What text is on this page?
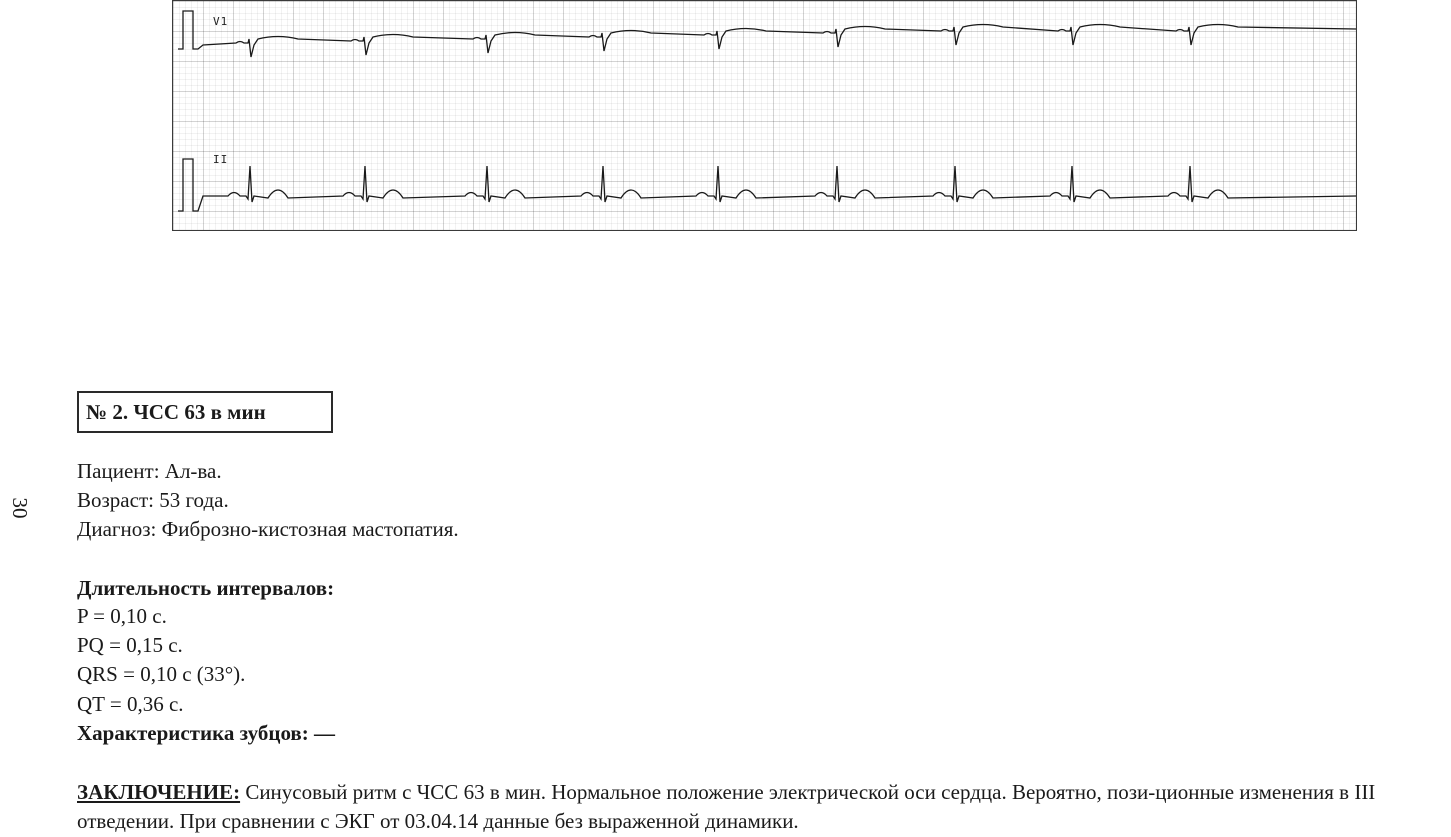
V1
II
30
№ 2. ЧСС 63 в мин
Пациент: Ал-ва.
Возраст: 53 года.
Диагноз: Фиброзно-кистозная мастопатия.
Длительность интервалов:
P = 0,10 с.
PQ = 0,15 с.
QRS = 0,10 с (33°).
QT = 0,36 с.
Характеристика зубцов: —
ЗАКЛЮЧЕНИЕ: Синусовый ритм с ЧСС 63 в мин. Нормальное положение электрической оси сердца. Вероятно, пози-ционные изменения в III отведении. При сравнении с ЭКГ от 03.04.14 данные без выраженной динамики.
